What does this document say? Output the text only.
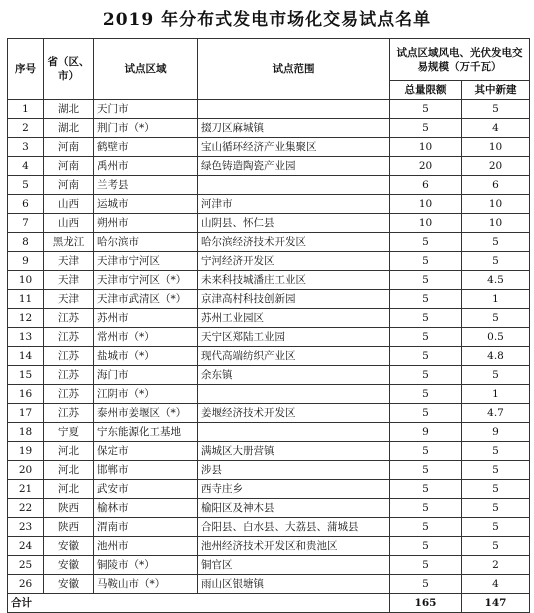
2019 年分布式发电市场化交易试点名单
序号	省（区、市）	试点区域	试点范围	试点区域风电、光伏发电交易规模（万千瓦）	
				总量限额	其中新建
1	湖北	天门市		5	5
2	湖北	荆门市（*）	掇刀区麻城镇	5	4
3	河南	鹤壁市	宝山循环经济产业集聚区	10	10
4	河南	禹州市	绿色铸造陶瓷产业园	20	20
5	河南	兰考县		6	6
6	山西	运城市	河津市	10	10
7	山西	朔州市	山阴县、怀仁县	10	10
8	黑龙江	哈尔滨市	哈尔滨经济技术开发区	5	5
9	天津	天津市宁河区	宁河经济开发区	5	5
10	天津	天津市宁河区（*）	未来科技城潘庄工业区	5	4.5
11	天津	天津市武清区（*）	京津高村科技创新园	5	1
12	江苏	苏州市	苏州工业园区	5	5
13	江苏	常州市（*）	天宁区郑陆工业园	5	0.5
14	江苏	盐城市（*）	现代高端纺织产业区	5	4.8
15	江苏	海门市	余东镇	5	5
16	江苏	江阴市（*）		5	1
17	江苏	泰州市姜堰区（*）	姜堰经济技术开发区	5	4.7
18	宁夏	宁东能源化工基地		9	9
19	河北	保定市	满城区大册营镇	5	5
20	河北	邯郸市	涉县	5	5
21	河北	武安市	西寺庄乡	5	5
22	陕西	榆林市	榆阳区及神木县	5	5
23	陕西	渭南市	合阳县、白水县、大荔县、蒲城县	5	5
24	安徽	池州市	池州经济技术开发区和贵池区	5	5
25	安徽	铜陵市（*）	铜官区	5	2
26	安徽	马鞍山市（*）	雨山区银塘镇	5	4
合计				165	147
